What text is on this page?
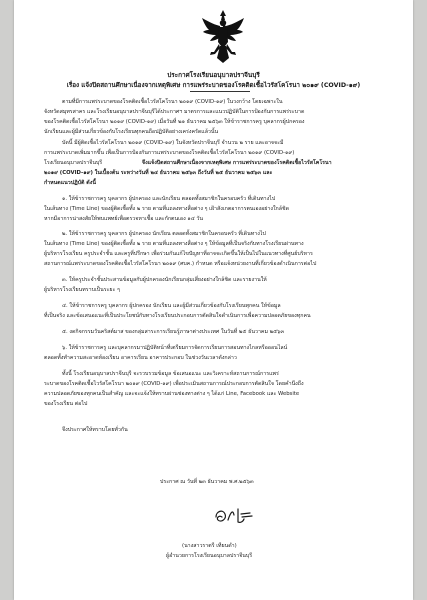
ประกาศโรงเรียนอนุบาลปราจีนบุรี
เรื่อง แจ้งปิดสถานศึกษาเนื่องจากเหตุพิเศษ การแพร่ระบาดของโรคติดเชื้อไวรัสโคโรนา ๒๐๑๙ (COVID-๑๙)
ตามที่มีการแพร่ระบาดของโรคติดเชื้อไวรัสโคโรนา ๒๐๑๙ (COVID-๑๙) ในวงกว้าง โดยเฉพาะใน
จังหวัดสมุทรสาคร และโรงเรียนอนุบาลปราจีนบุรีได้ประกาศฯ มาตรการและแนวปฏิบัติในการป้องกันการแพร่ระบาด
ของโรคติดเชื้อไวรัสโคโรนา ๒๐๑๙ (COVID-๑๙) เมื่อวันที่ ๒๑ ธันวาคม ๒๕๖๓ ให้ข้าราชการครู บุคลากรผู้ปกครอง
นักเรียนและผู้มีส่วนเกี่ยวข้องกับโรงเรียนทุกคนถือปฏิบัติอย่างเคร่งครัดแล้วนั้น
บัดนี้ มีผู้ติดเชื้อไวรัสโคโรนา ๒๐๑๙ (COVID-๑๙) ในจังหวัดปราจีนบุรี จำนวน ๒ ราย และอาจจะมี
การแพร่ระบาดเพิ่มมากขึ้น เพื่อเป็นการป้องกันการแพร่ระบาดของโรคติดเชื้อไวรัสโคโรนา ๒๐๑๙ (COVID-๑๙)
โรงเรียนอนุบาลปราจีนบุรี	จึงแจ้งปิดสถานศึกษาเนื่องจากเหตุพิเศษ การแพร่ระบาดของโรคติดเชื้อไวรัสโคโรนา
๒๐๑๙ (COVID-๑๙) ในเบื้องต้น ระหว่างวันที่ ๒๔ ธันวาคม ๒๕๖๓ ถึงวันที่ ๒๕ ธันวาคม ๒๕๖๓ และ
กำหนดแนวปฏิบัติ ดังนี้
๑. ให้ข้าราชการครู บุคลากร ผู้ปกครอง และนักเรียน ตลอดทั้งสมาชิกในครอบครัว ที่เดินทางไป
ในเส้นทาง (Time Line) ของผู้ติดเชื้อทั้ง ๒ ราย ตามที่แถลงทางสื่อต่าง ๆ เฝ้าสังเกตอาการตนเองอย่างใกล้ชิด
หากมีอาการน่าสงสัยให้พบแพทย์เพื่อตรวจหาเชื้อ และกักตนเอง ๑๔ วัน
๒. ให้ข้าราชการครู บุคลากร ผู้ปกครอง นักเรียน ตลอดทั้งสมาชิกในครอบครัว ที่เดินทางไป
ในเส้นทาง (Time Line) ของผู้ติดเชื้อทั้ง ๒ ราย ตามที่แถลงทางสื่อต่าง ๆ ให้ข้อมูลที่เป็นจริงกับทางโรงเรียนผ่านทาง
ผู้บริหารโรงเรียน ครูประจำชั้น และครูที่ปรึกษา เพื่อร่วมกันแก้ไขปัญหาที่อาจจะเกิดขึ้นให้เป็นไปในแนวทางที่ศูนย์บริหาร
สถานการณ์แพร่ระบาดของโรคติดเชื้อไวรัสโคโรนา ๒๐๑๙ (ศบค.) กำหนด หรือแจ้งหน่วยงานที่เกี่ยวข้องดำเนินการต่อไป
๓. ให้ครูประจำชั้นประสานข้อมูลกับผู้ปกครองนักเรียนกลุ่มเสี่ยงอย่างใกล้ชิด และรายงานให้
ผู้บริหารโรงเรียนทราบเป็นระยะ ๆ
๔. ให้ข้าราชการครู บุคลากร ผู้ปกครอง นักเรียน และผู้มีส่วนเกี่ยวข้องกับโรงเรียนทุกคน ให้ข้อมูล
ที่เป็นจริง และข้อเสนอแนะที่เป็นประโยชน์กับทางโรงเรียนประกอบการตัดสินใจดำเนินการเพื่อความปลอดภัยของทุกคน
๕. งดกิจกรรมวันคริสต์มาส ของกลุ่มสาระการเรียนรู้ภาษาต่างประเทศ ในวันที่ ๒๕ ธันวาคม ๒๕๖๓
๖. ให้ข้าราชการครู และบุคลากรมาปฏิบัติหน้าที่เตรียมการจัดการเรียนการสอนทางไกลหรือออนไลน์
ตลอดทั้งทำความสะอาดห้องเรียน อาคารเรียน อาคารประกอบ ในช่วงวันเวลาดังกล่าว
ทั้งนี้ โรงเรียนอนุบาลปราจีนบุรี จะรวบรวมข้อมูล ข้อเสนอแนะ และวิเคราะห์สถานการณ์การแพร่
ระบาดของโรคติดเชื้อไวรัสโคโรนา ๒๐๑๙ (COVID-๑๙) เพื่อประเมินสถานการณ์ประกอบการตัดสินใจ โดยคำนึงถึง
ความปลอดภัยของทุกคนเป็นสำคัญ และจะแจ้งให้ทราบผ่านช่องทางต่าง ๆ ได้แก่ Line, Facebook และ Website
ของโรงเรียน ต่อไป
จึงประกาศให้ทราบโดยทั่วกัน
ประกาศ ณ วันที่ ๒๓ ธันวาคม พ.ศ.๒๕๖๓
(นางสาวราตรี เทียนดำ)
ผู้อำนวยการโรงเรียนอนุบาลปราจีนบุรี
